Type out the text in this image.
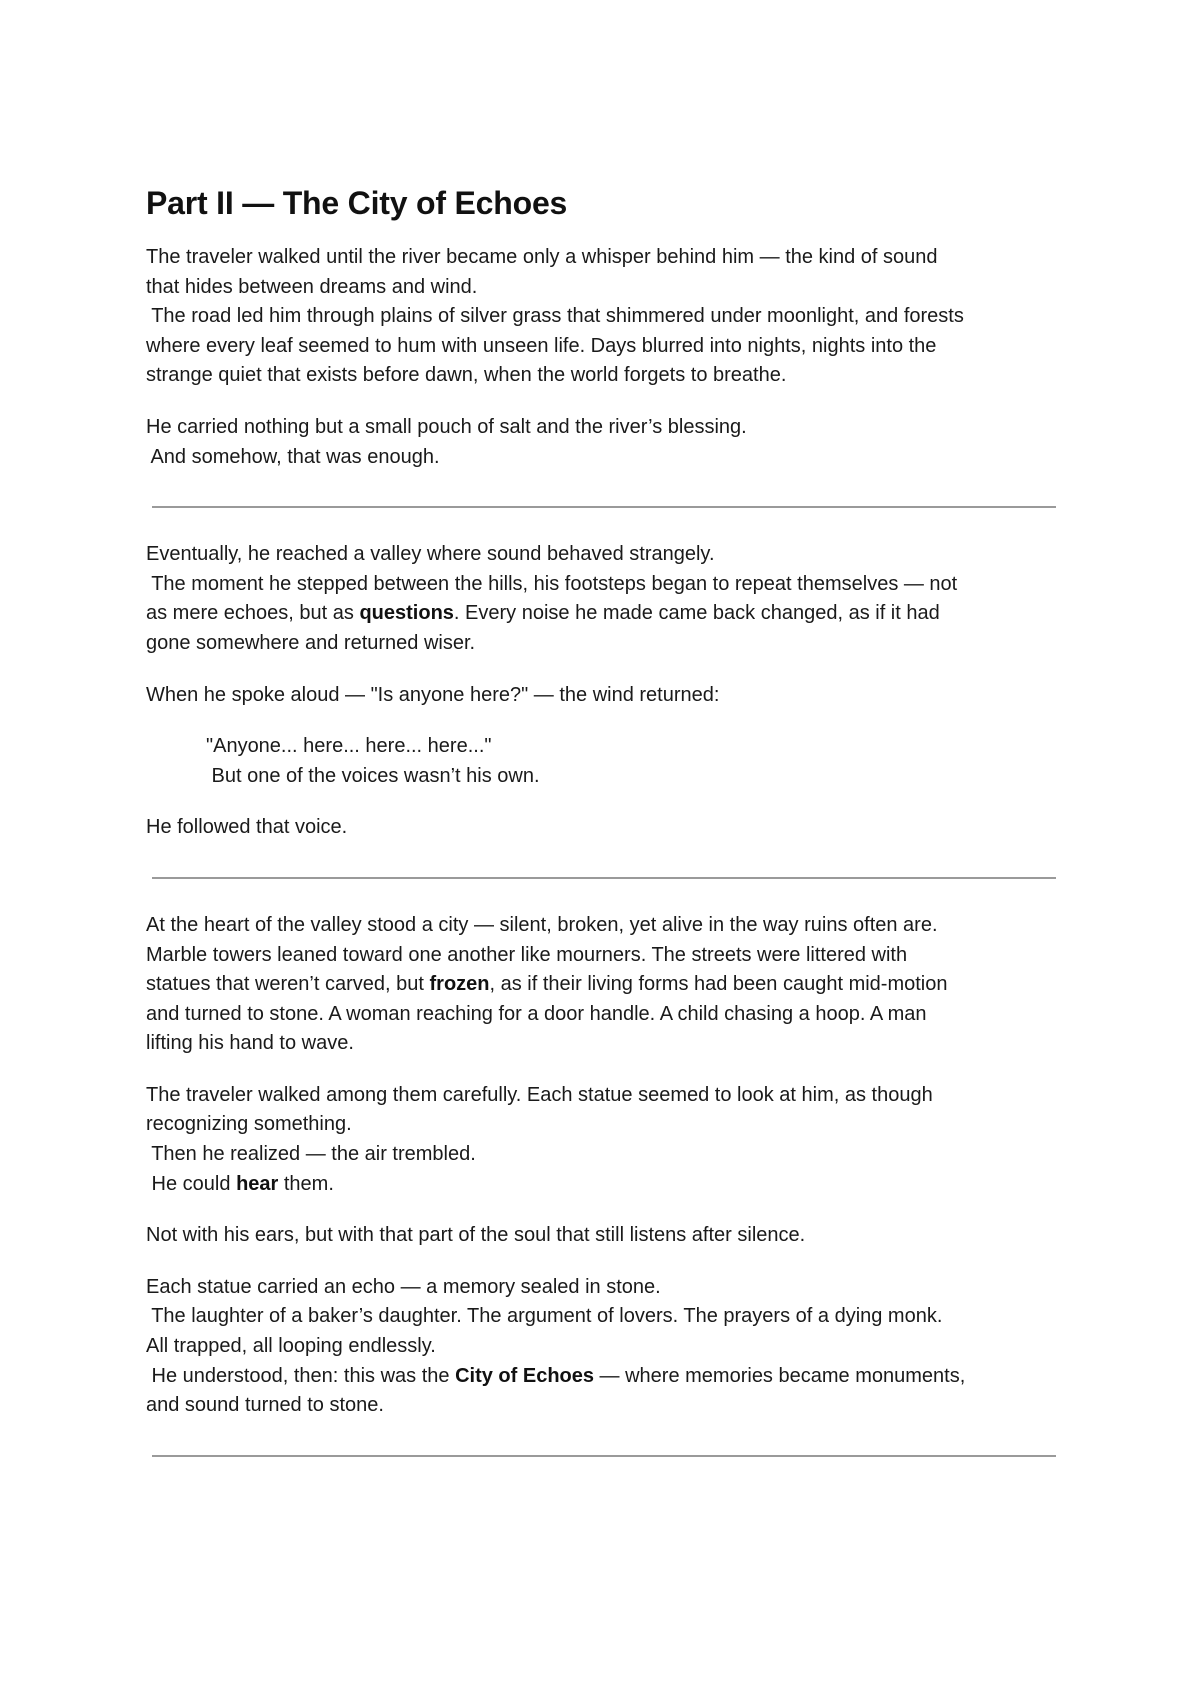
Part II — The City of Echoes

The traveler walked until the river became only a whisper behind him — the kind of sound

that hides between dreams and wind.

The road led him through plains of silver grass that shimmered under moonlight, and forests

where every leaf seemed to hum with unseen life. Days blurred into nights, nights into the

strange quiet that exists before dawn, when the world forgets to breathe.

He carried nothing but a small pouch of salt and the river’s blessing.

And somehow, that was enough.

Eventually, he reached a valley where sound behaved strangely.

The moment he stepped between the hills, his footsteps began to repeat themselves — not

as mere echoes, but as questions. Every noise he made came back changed, as if it had

gone somewhere and returned wiser.

When he spoke aloud — "Is anyone here?" — the wind returned:

"Anyone... here... here... here..."

But one of the voices wasn’t his own.

He followed that voice.

At the heart of the valley stood a city — silent, broken, yet alive in the way ruins often are.

Marble towers leaned toward one another like mourners. The streets were littered with

statues that weren’t carved, but frozen, as if their living forms had been caught mid-motion

and turned to stone. A woman reaching for a door handle. A child chasing a hoop. A man

lifting his hand to wave.

The traveler walked among them carefully. Each statue seemed to look at him, as though

recognizing something.

Then he realized — the air trembled.

He could hear them.

Not with his ears, but with that part of the soul that still listens after silence.

Each statue carried an echo — a memory sealed in stone.

The laughter of a baker’s daughter. The argument of lovers. The prayers of a dying monk.

All trapped, all looping endlessly.

He understood, then: this was the City of Echoes — where memories became monuments,

and sound turned to stone.
